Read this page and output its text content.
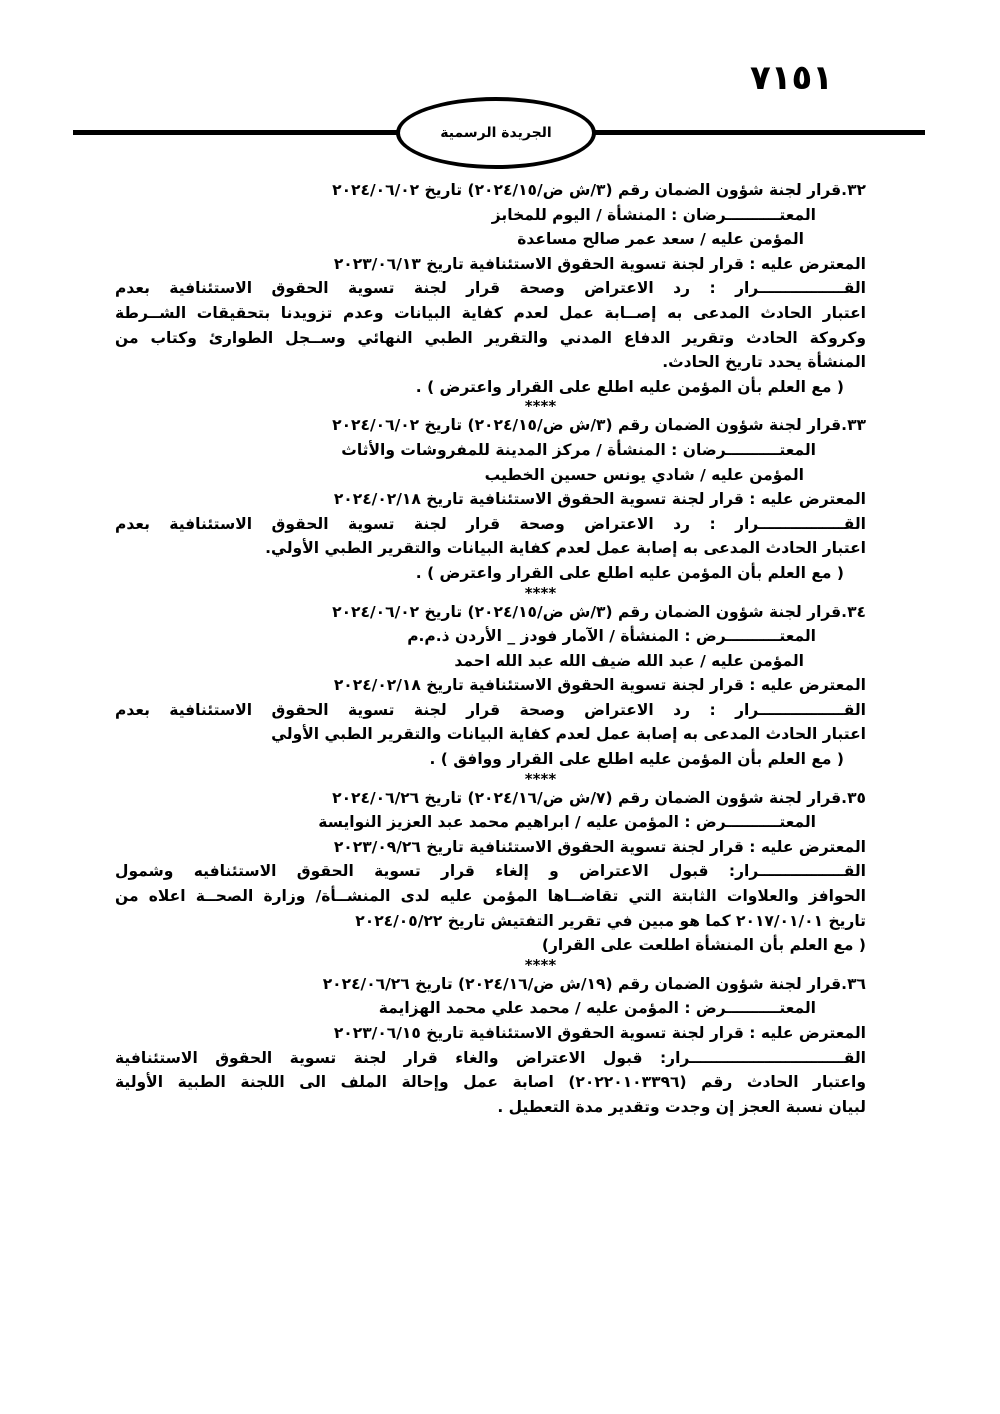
٧١٥١
الجريدة الرسمية
٣٢.قرار لجنة شؤون الضمان رقم (٣/ش ض/٢٠٢٤/١٥) تاريخ ٢٠٢٤/٠٦/٠٢
المعتــــــــــرضان : المنشأة / اليوم للمخابز
المؤمن عليه / سعد عمر صالح مساعدة
المعترض عليه : قرار لجنة تسوية الحقوق الاستئنافية تاريخ ٢٠٢٣/٠٦/١٣
القــــــــــــــــرار : رد الاعتراض وصحة قرار لجنة تسوية الحقوق الاستئنافية بعدم
اعتبار الحادث المدعى به إصــابة عمل لعدم كفاية البيانات وعدم تزويدنا بتحقيقات الشــرطة
وكروكة الحادث وتقرير الدفاع المدني والتقرير الطبي النهائي وســجل الطوارئ وكتاب من
المنشأة يحدد تاريخ الحادث.
( مع العلم بأن المؤمن عليه اطلع على القرار واعترض ) .
****
٣٣.قرار لجنة شؤون الضمان رقم (٣/ش ض/٢٠٢٤/١٥) تاريخ ٢٠٢٤/٠٦/٠٢
المعتــــــــــرضان : المنشأة / مركز المدينة للمفروشات والأثاث
المؤمن عليه / شادي يونس حسين الخطيب
المعترض عليه : قرار لجنة تسوية الحقوق الاستئنافية تاريخ ٢٠٢٤/٠٢/١٨
القــــــــــــــــرار : رد الاعتراض وصحة قرار لجنة تسوية الحقوق الاستئنافية بعدم
اعتبار الحادث المدعى به إصابة عمل لعدم كفاية البيانات والتقرير الطبي الأولي.
( مع العلم بأن المؤمن عليه اطلع على القرار واعترض ) .
****
٣٤.قرار لجنة شؤون الضمان رقم (٣/ش ض/٢٠٢٤/١٥) تاريخ ٢٠٢٤/٠٦/٠٢
المعتــــــــــرض : المنشأة / الآمار فودز _ الأردن ذ.م.م
المؤمن عليه / عبد الله ضيف الله عبد الله احمد
المعترض عليه : قرار لجنة تسوية الحقوق الاستئنافية تاريخ ٢٠٢٤/٠٢/١٨
القــــــــــــــــرار : رد الاعتراض وصحة قرار لجنة تسوية الحقوق الاستئنافية بعدم
اعتبار الحادث المدعى به إصابة عمل لعدم كفاية البيانات والتقرير الطبي الأولي
( مع العلم بأن المؤمن عليه اطلع على القرار ووافق ) .
****
٣٥.قرار لجنة شؤون الضمان رقم (٧/ش ض/٢٠٢٤/١٦) تاريخ ٢٠٢٤/٠٦/٢٦
المعتــــــــــرض : المؤمن عليه / ابراهيم محمد عبد العزيز النوايسة
المعترض عليه : قرار لجنة تسوية الحقوق الاستئنافية تاريخ ٢٠٢٣/٠٩/٢٦
القــــــــــــــــرار: قبول الاعتراض و إلغاء قرار تسوية الحقوق الاستئنافيه وشمول
الحوافز والعلاوات الثابتة التي تقاضــاها المؤمن عليه لدى المنشــأة/ وزارة الصحــة اعلاه من
تاريخ ٢٠١٧/٠١/٠١ كما هو مبين في تقرير التفتيش تاريخ ٢٠٢٤/٠٥/٢٢
( مع العلم بأن المنشأة اطلعت على القرار)
****
٣٦.قرار لجنة شؤون الضمان رقم (١٩/ش ض/٢٠٢٤/١٦) تاريخ ٢٠٢٤/٠٦/٢٦
المعتــــــــــرض : المؤمن عليه / محمد علي محمد الهزايمة
المعترض عليه : قرار لجنة تسوية الحقوق الاستئنافية تاريخ ٢٠٢٣/٠٦/١٥
القـــــــــــــــــــــــــــــرار: قبول الاعتراض والغاء قرار لجنة تسوية الحقوق الاستئنافية
واعتبار الحادث رقم (٢٠٢٢٠١٠٣٣٩٦) اصابة عمل وإحالة الملف الى اللجنة الطبية الأولية
لبيان نسبة العجز إن وجدت وتقدير مدة التعطيل .
